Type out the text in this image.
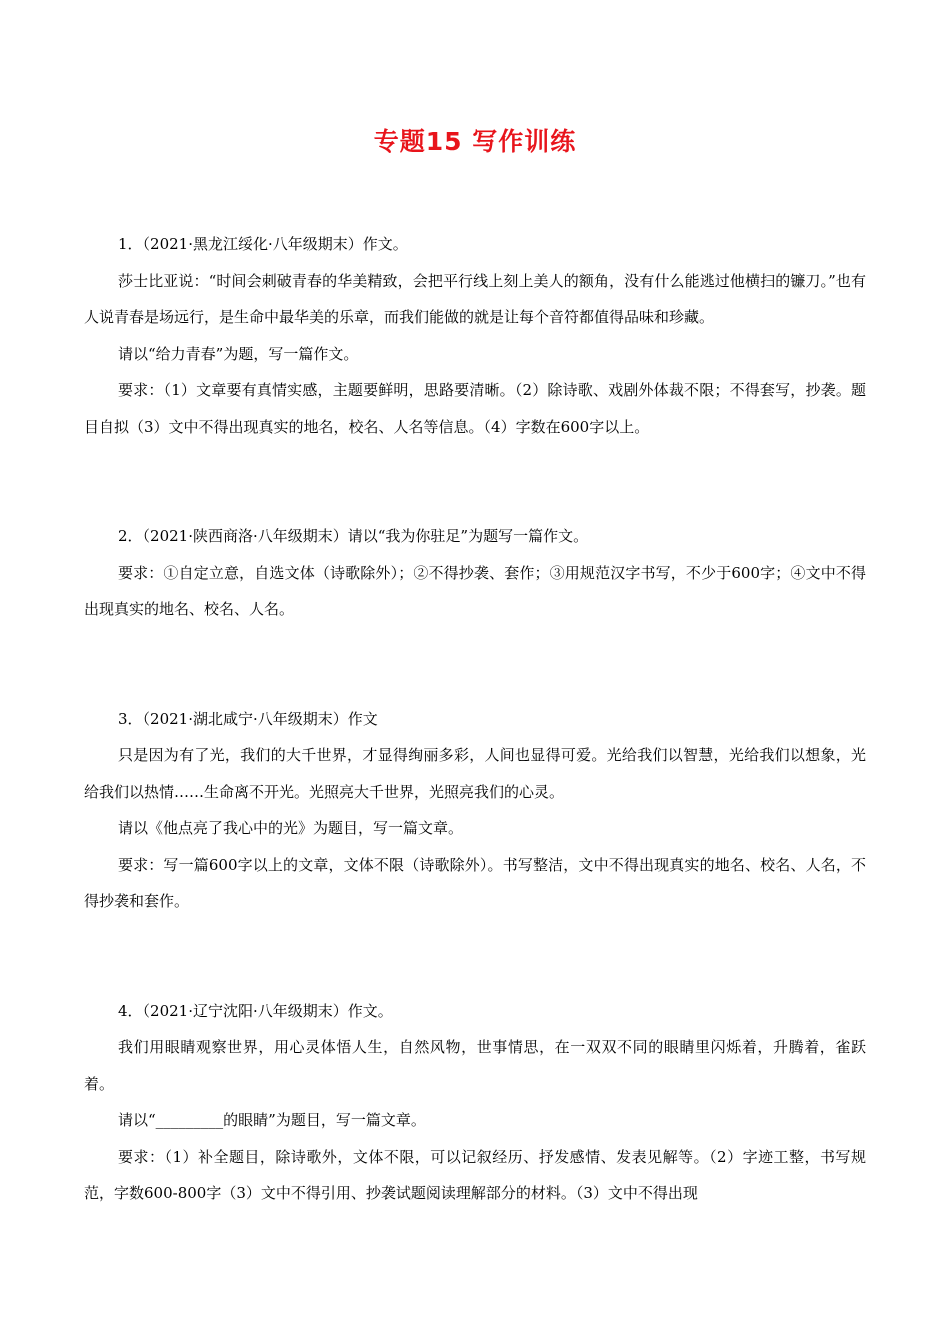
专题15 写作训练

1．（2021·黑龙江绥化·八年级期末）作文。

莎士比亚说：“时间会刺破青春的华美精致，会把平行线上刻上美人的额角，没有什么能逃过他横扫的镰刀。”也有人说青春是场远行，是生命中最华美的乐章，而我们能做的就是让每个音符都值得品味和珍藏。

请以“给力青春”为题，写一篇作文。

要求：（1）文章要有真情实感，主题要鲜明，思路要清晰。（2）除诗歌、戏剧外体裁不限；不得套写，抄袭。题目自拟（3）文中不得出现真实的地名，校名、人名等信息。（4）字数在600字以上。

2．（2021·陕西商洛·八年级期末）请以“我为你驻足”为题写一篇作文。

要求：①自定立意，自选文体（诗歌除外）；②不得抄袭、套作；③用规范汉字书写，不少于600字；④文中不得出现真实的地名、校名、人名。

3．（2021·湖北咸宁·八年级期末）作文

只是因为有了光，我们的大千世界，才显得绚丽多彩，人间也显得可爱。光给我们以智慧，光给我们以想象，光给我们以热情……生命离不开光。光照亮大千世界，光照亮我们的心灵。

请以《他点亮了我心中的光》为题目，写一篇文章。

要求：写一篇600字以上的文章，文体不限（诗歌除外）。书写整洁，文中不得出现真实的地名、校名、人名，不得抄袭和套作。

4．（2021·辽宁沈阳·八年级期末）作文。

我们用眼睛观察世界，用心灵体悟人生，自然风物，世事情思，在一双双不同的眼睛里闪烁着，升腾着，雀跃着。

请以“_________的眼睛”为题目，写一篇文章。

要求：（1）补全题目，除诗歌外，文体不限，可以记叙经历、抒发感情、发表见解等。（2）字迹工整，书写规范，字数600-800字（3）文中不得引用、抄袭试题阅读理解部分的材料。（3）文中不得出现
